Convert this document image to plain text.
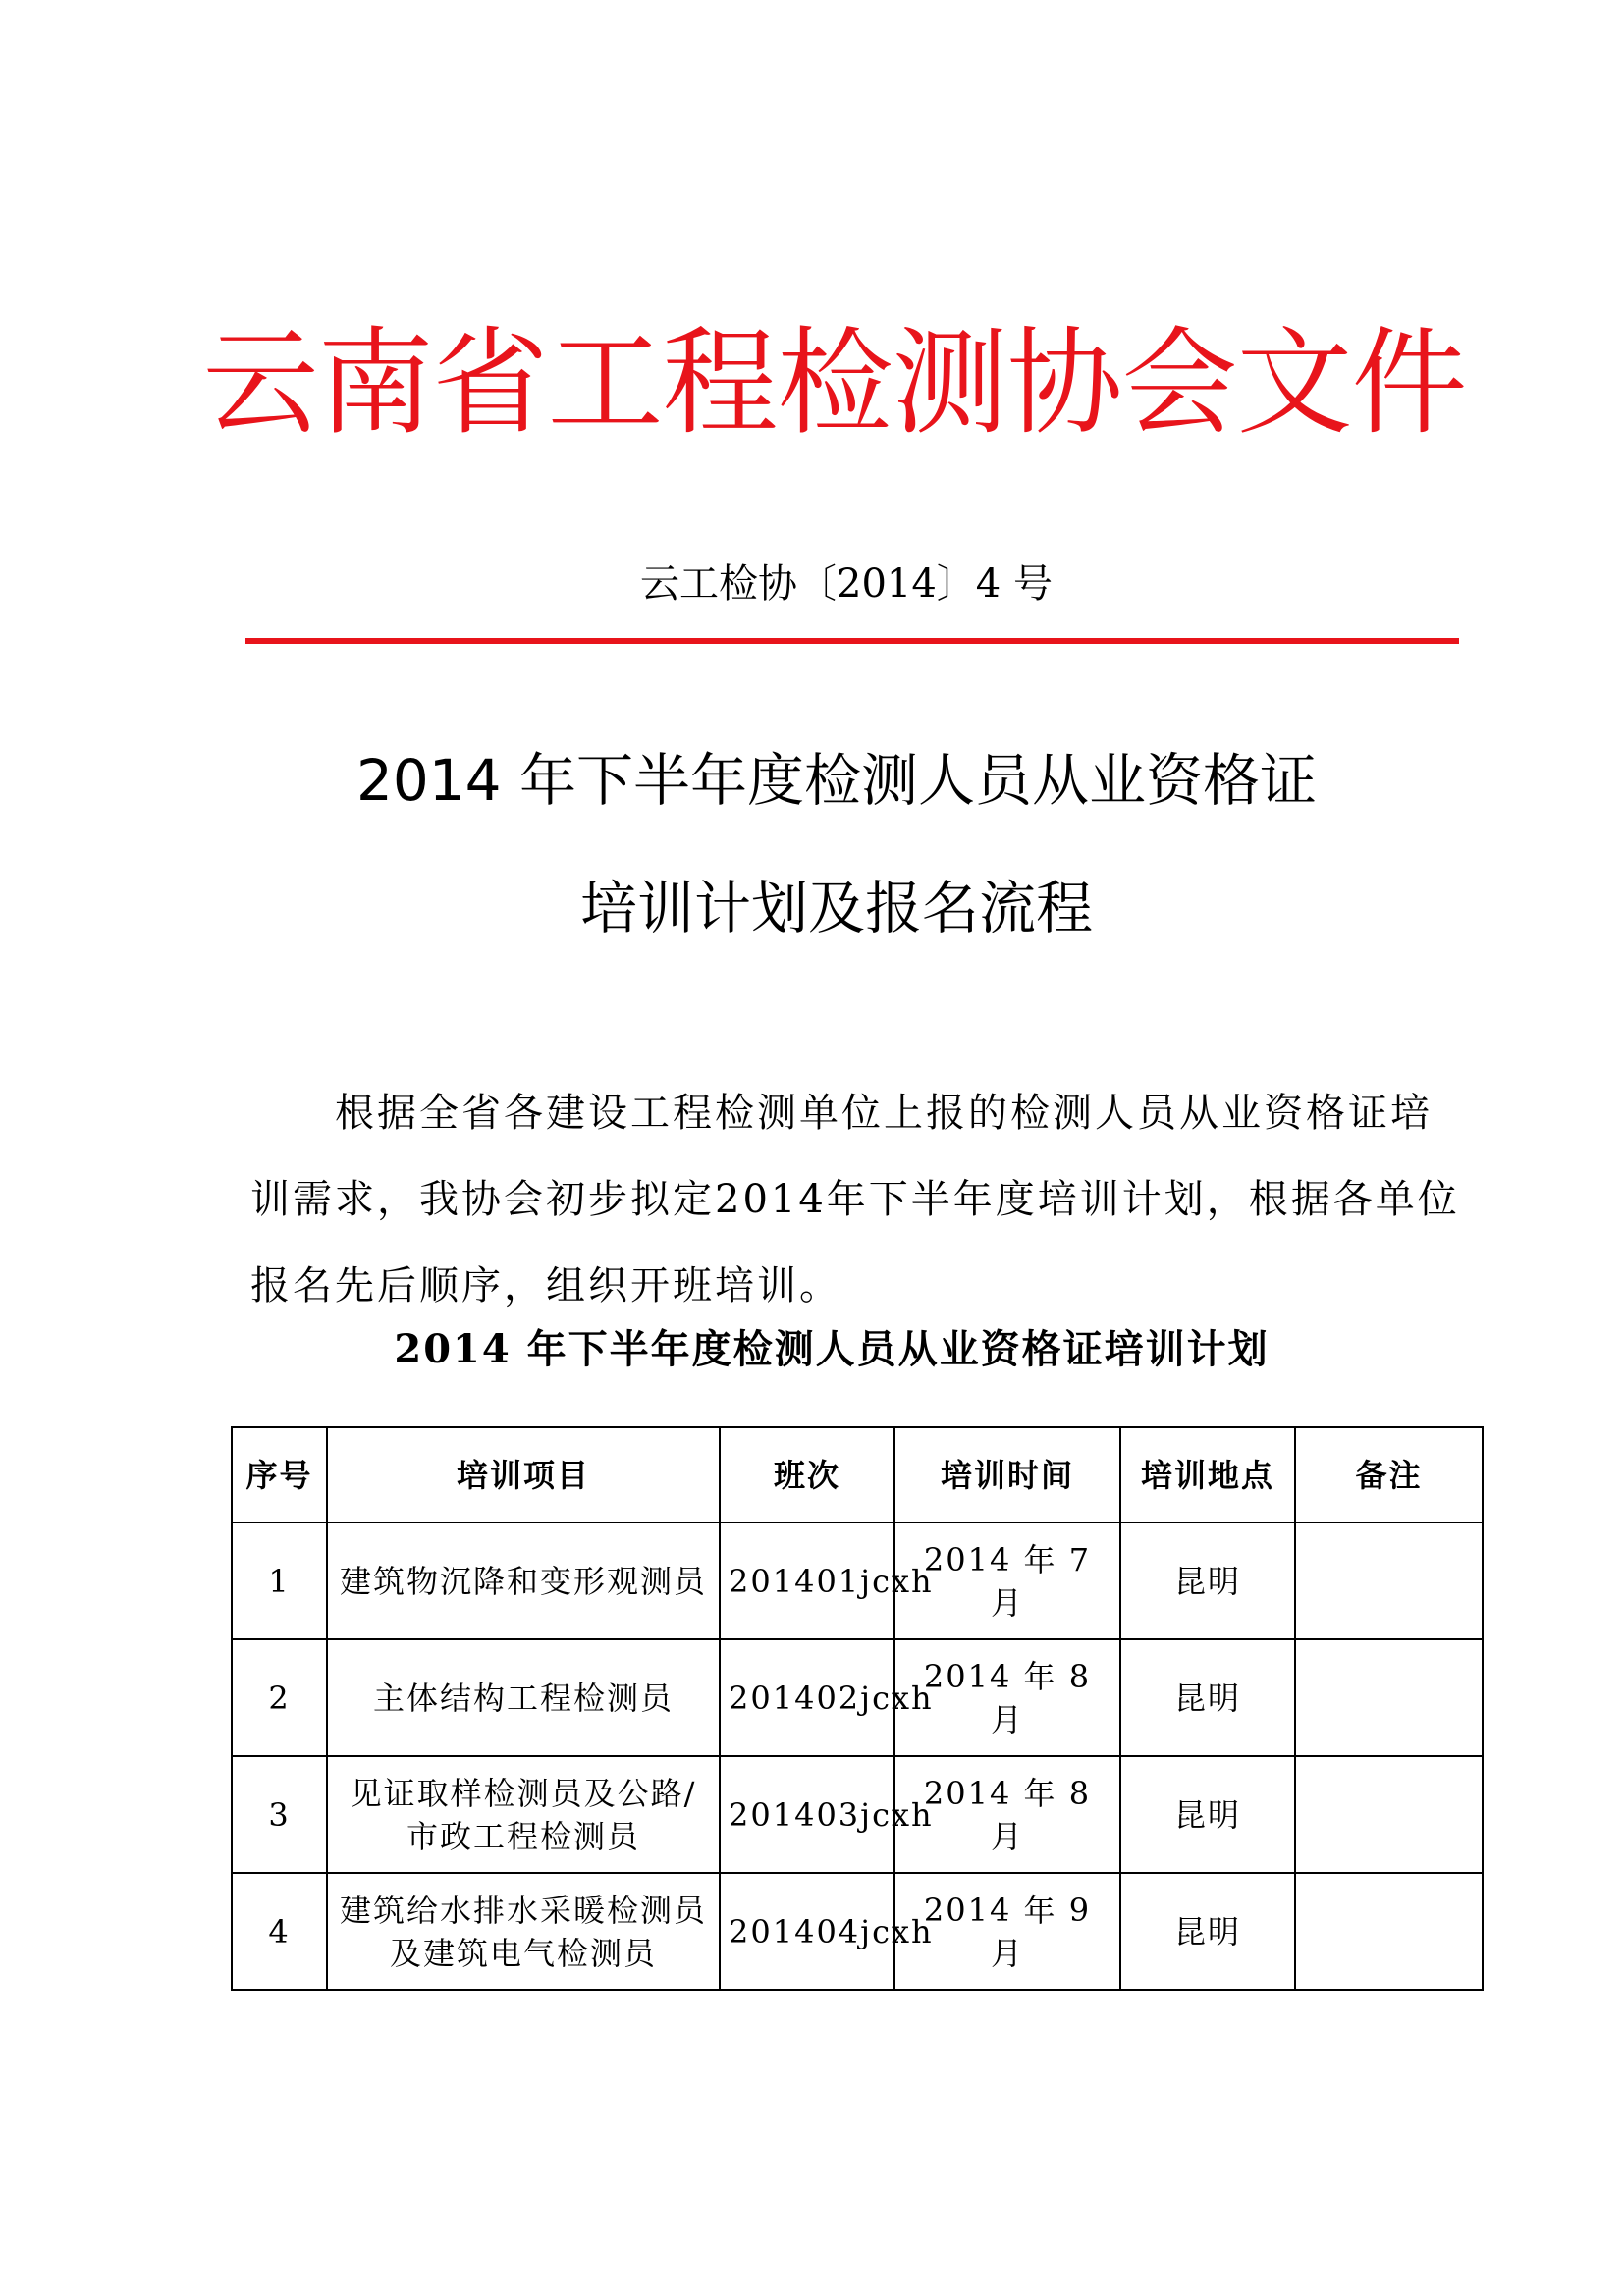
云南省工程检测协会文件
云工检协〔2014〕4 号
2014 年下半年度检测人员从业资格证
培训计划及报名流程
根据全省各建设工程检测单位上报的检测人员从业资格证培训需求，我协会初步拟定2014年下半年度培训计划，根据各单位报名先后顺序，组织开班培训。
2014 年下半年度检测人员从业资格证培训计划
序号	培训项目	班次	培训时间	培训地点	备注
1	建筑物沉降和变形观测员	201401jcxh	2014 年 7 月	昆明	
2	主体结构工程检测员	201402jcxh	2014 年 8 月	昆明	
3	见证取样检测员及公路/市政工程检测员	201403jcxh	2014 年 8 月	昆明	
4	建筑给水排水采暖检测员及建筑电气检测员	201404jcxh	2014 年 9 月	昆明	
